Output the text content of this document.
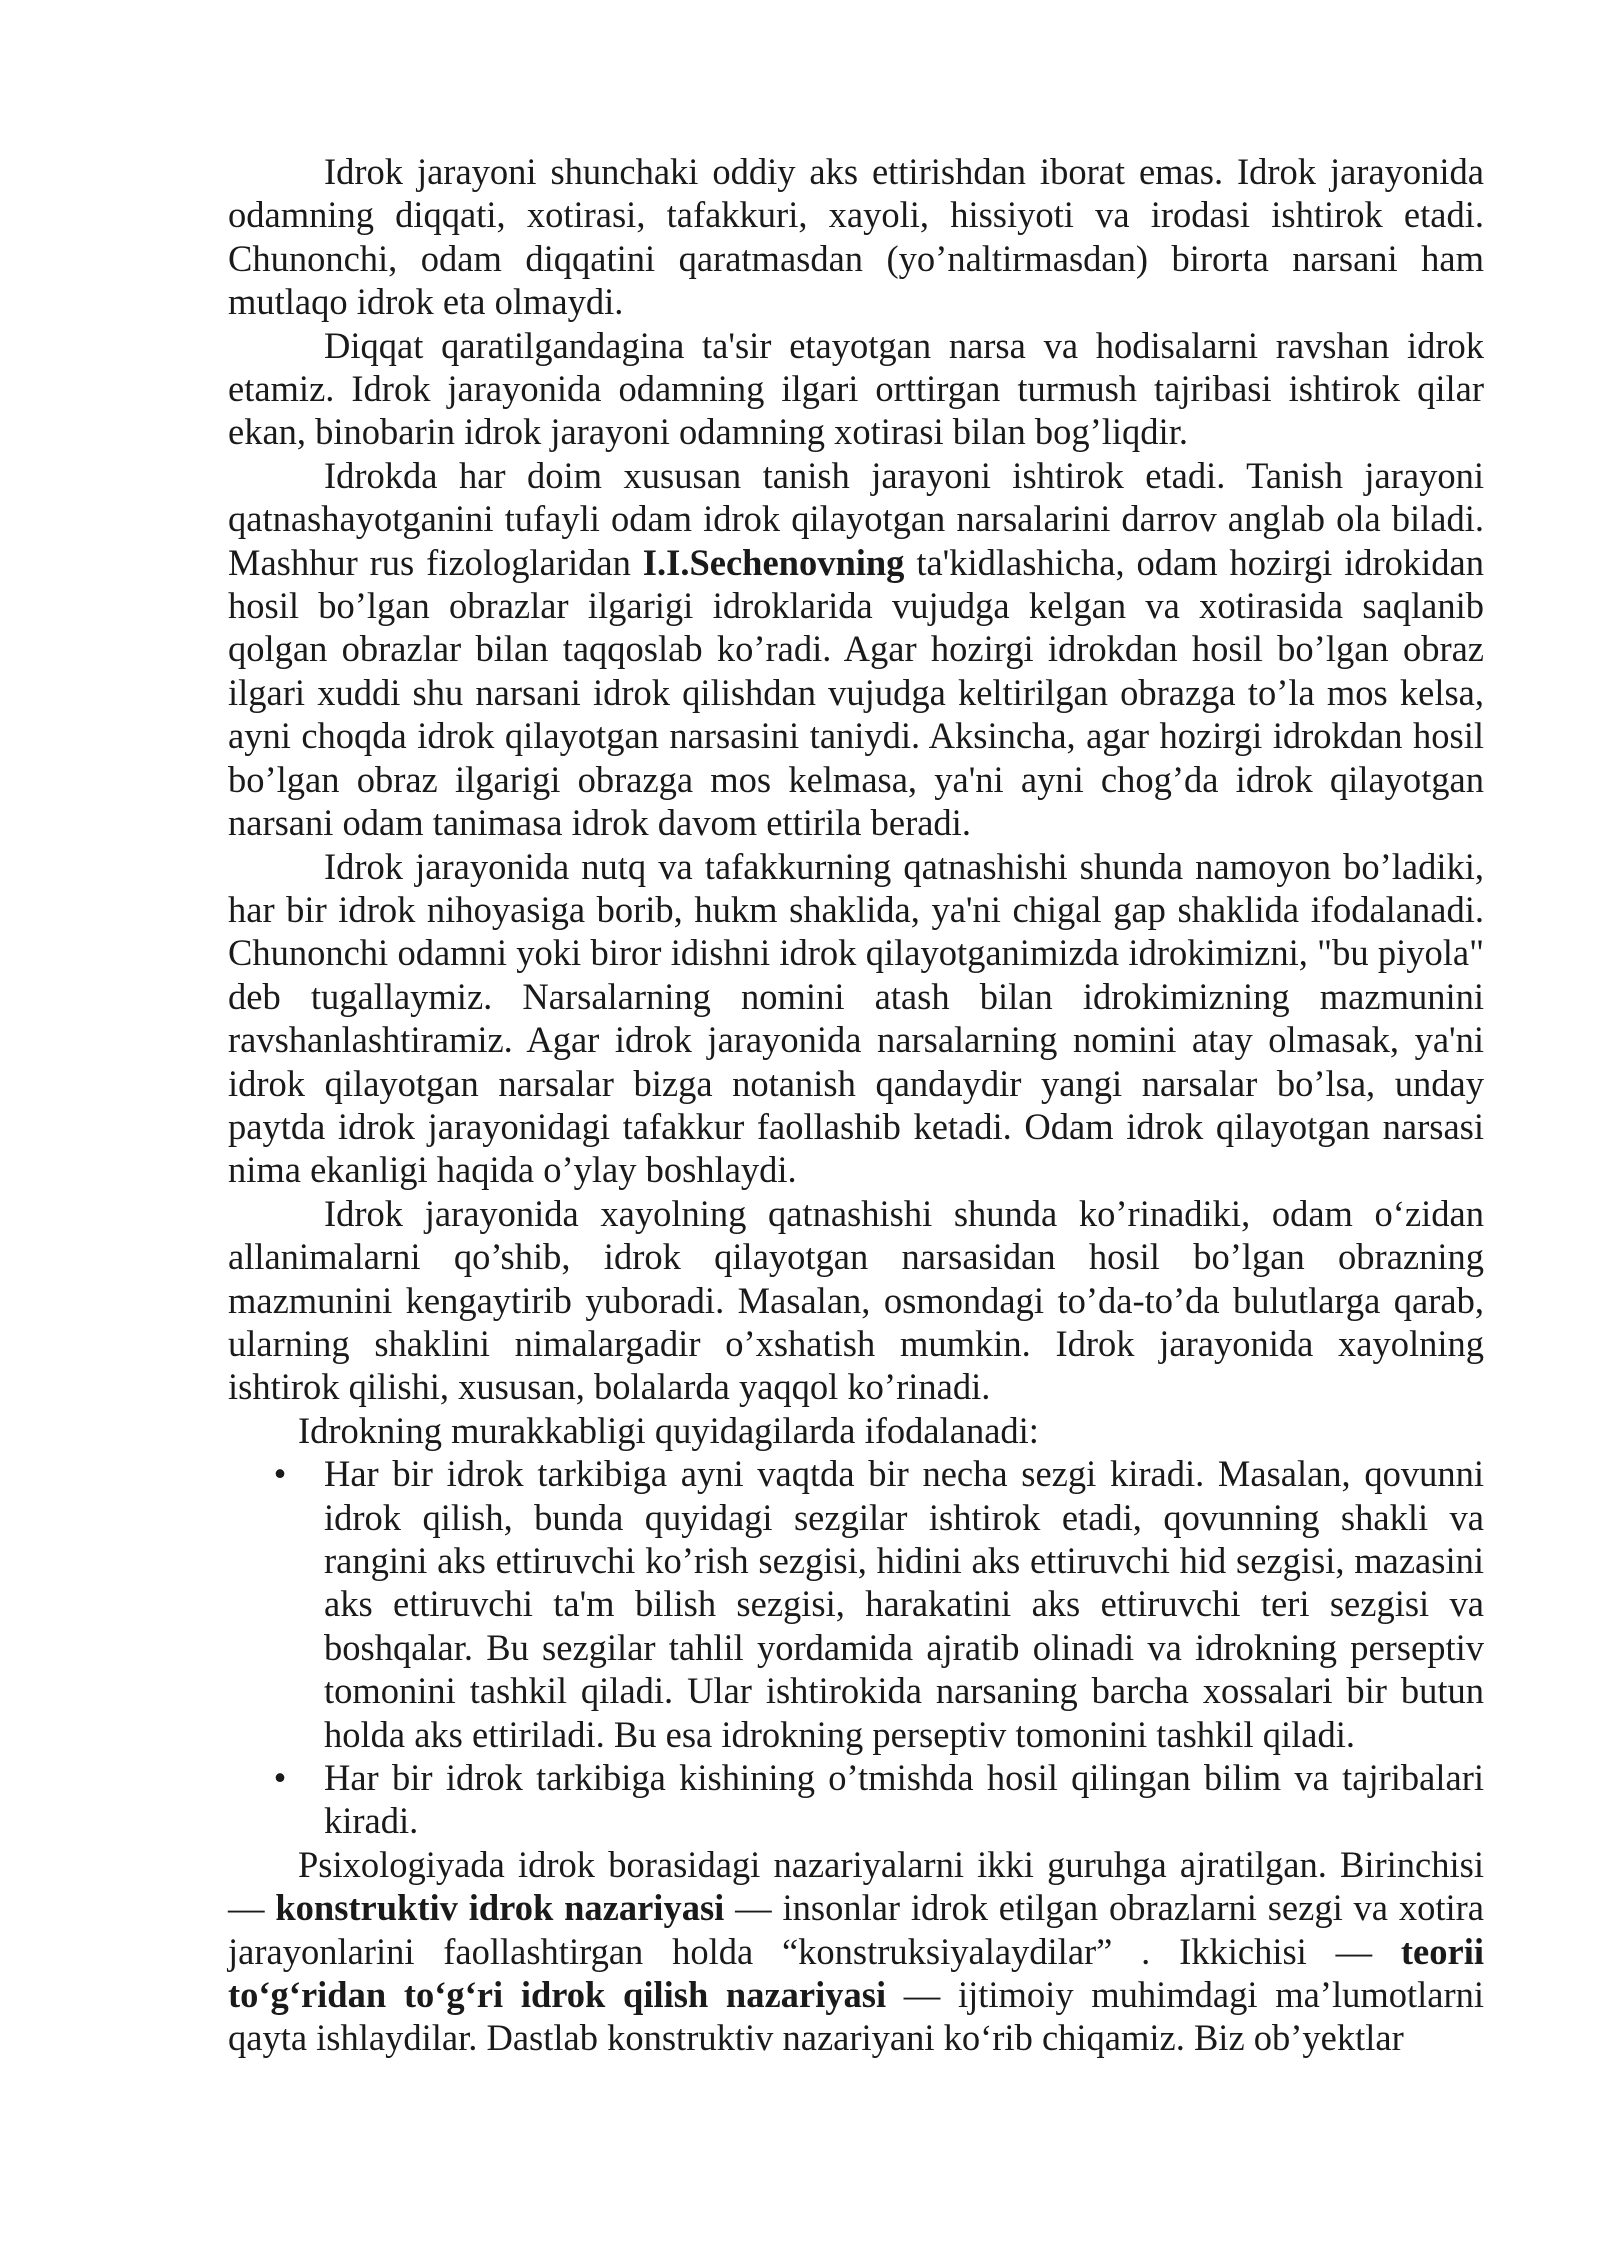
Idrok jarayoni shunchaki oddiy aks ettirishdan iborat emas. Idrok jarayonida odamning diqqati, xotirasi, tafakkuri, xayoli, hissiyoti va irodasi ishtirok etadi. Chunonchi, odam diqqatini qaratmasdan (yo’naltirmasdan) birorta narsani ham mutlaqo idrok eta olmaydi.

Diqqat qaratilgandagina ta'sir etayotgan narsa va hodisalarni ravshan idrok etamiz. Idrok jarayonida odamning ilgari orttirgan turmush tajribasi ishtirok qilar ekan, binobarin idrok jarayoni odamning xotirasi bilan bog’liqdir.

Idrokda har doim xususan tanish jarayoni ishtirok etadi. Tanish jarayoni qatnashayotganini tufayli odam idrok qilayotgan narsalarini darrov anglab ola biladi. Mashhur rus fizologlaridan I.I.Sechenovning ta'kidlashicha, odam hozirgi idrokidan hosil bo’lgan obrazlar ilgarigi idroklarida vujudga kelgan va xotirasida saqlanib qolgan obrazlar bilan taqqoslab ko’radi. Agar hozirgi idrokdan hosil bo’lgan obraz ilgari xuddi shu narsani idrok qilishdan vujudga keltirilgan obrazga to’la mos kelsa, ayni choqda idrok qilayotgan narsasini taniydi. Aksincha, agar hozirgi idrokdan hosil bo’lgan obraz ilgarigi obrazga mos kelmasa, ya'ni ayni chog’da idrok qilayotgan narsani odam tanimasa idrok davom ettirila beradi.

Idrok jarayonida nutq va tafakkurning qatnashishi shunda namoyon bo’ladiki, har bir idrok nihoyasiga borib, hukm shaklida, ya'ni chigal gap shaklida ifodalanadi. Chunonchi odamni yoki biror idishni idrok qilayotganimizda idrokimizni, "bu piyola" deb tugallaymiz. Narsalarning nomini atash bilan idrokimizning mazmunini ravshanlashtiramiz. Agar idrok jarayonida narsalarning nomini atay olmasak, ya'ni idrok qilayotgan narsalar bizga notanish qandaydir yangi narsalar bo’lsa, unday paytda idrok jarayonidagi tafakkur faollashib ketadi. Odam idrok qilayotgan narsasi nima ekanligi haqida o’ylay boshlaydi.

Idrok jarayonida xayolning qatnashishi shunda ko’rinadiki, odam o‘zidan allanimalarni qo’shib, idrok qilayotgan narsasidan hosil bo’lgan obrazning mazmunini kengaytirib yuboradi. Masalan, osmondagi to’da-to’da bulutlarga qarab, ularning shaklini nimalargadir o’xshatish mumkin. Idrok jarayonida xayolning ishtirok qilishi, xususan, bolalarda yaqqol ko’rinadi.

Idrokning murakkabligi quyidagilarda ifodalanadi:

• Har bir idrok tarkibiga ayni vaqtda bir necha sezgi kiradi. Masalan, qovunni idrok qilish, bunda quyidagi sezgilar ishtirok etadi, qovunning shakli va rangini aks ettiruvchi ko’rish sezgisi, hidini aks ettiruvchi hid sezgisi, mazasini aks ettiruvchi ta'm bilish sezgisi, harakatini aks ettiruvchi teri sezgisi va boshqalar. Bu sezgilar tahlil yordamida ajratib olinadi va idrokning perseptiv tomonini tashkil qiladi. Ular ishtirokida narsaning barcha xossalari bir butun holda aks ettiriladi. Bu esa idrokning perseptiv tomonini tashkil qiladi.
• Har bir idrok tarkibiga kishining o’tmishda hosil qilingan bilim va tajribalari kiradi.

Psixologiyada idrok borasidagi nazariyalarni ikki guruhga ajratilgan. Birinchisi — konstruktiv idrok nazariyasi — insonlar idrok etilgan obrazlarni sezgi va xotira jarayonlarini faollashtirgan holda “konstruksiyalaydilar” . Ikkichisi — teorii to‘g‘ridan to‘g‘ri idrok qilish nazariyasi — ijtimoiy muhimdagi ma’lumotlarni qayta ishlaydilar. Dastlab konstruktiv nazariyani ko‘rib chiqamiz. Biz ob’yektlar
